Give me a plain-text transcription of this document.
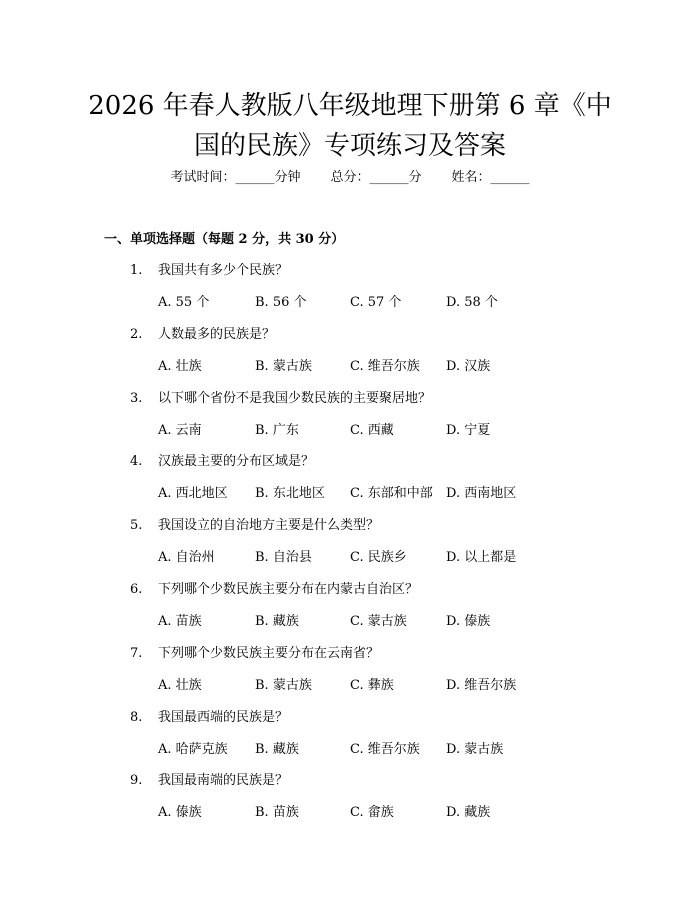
2026 年春人教版八年级地理下册第 6 章《中
国的民族》专项练习及答案
考试时间：______分钟 总分：______分 姓名：______
一、单项选择题（每题 2 分，共 30 分）
1. 我国共有多少个民族？
A. 55 个	B. 56 个	C. 57 个	D. 58 个
2. 人数最多的民族是？
A. 壮族	B. 蒙古族	C. 维吾尔族 D. 汉族
3. 以下哪个省份不是我国少数民族的主要聚居地？
A. 云南	B. 广东	C. 西藏	D. 宁夏
4. 汉族最主要的分布区域是？
A. 西北地区 B. 东北地区 C. 东部和中部 D. 西南地区
5. 我国设立的自治地方主要是什么类型？
A. 自治州	B. 自治县	C. 民族乡	D. 以上都是
6. 下列哪个少数民族主要分布在内蒙古自治区？
A. 苗族	B. 藏族	C. 蒙古族	D. 傣族
7. 下列哪个少数民族主要分布在云南省？
A. 壮族	B. 蒙古族	C. 彝族	D. 维吾尔族
8. 我国最西端的民族是？
A. 哈萨克族 B. 藏族	C. 维吾尔族 D. 蒙古族
9. 我国最南端的民族是？
A. 傣族	B. 苗族	C. 畲族	D. 藏族
